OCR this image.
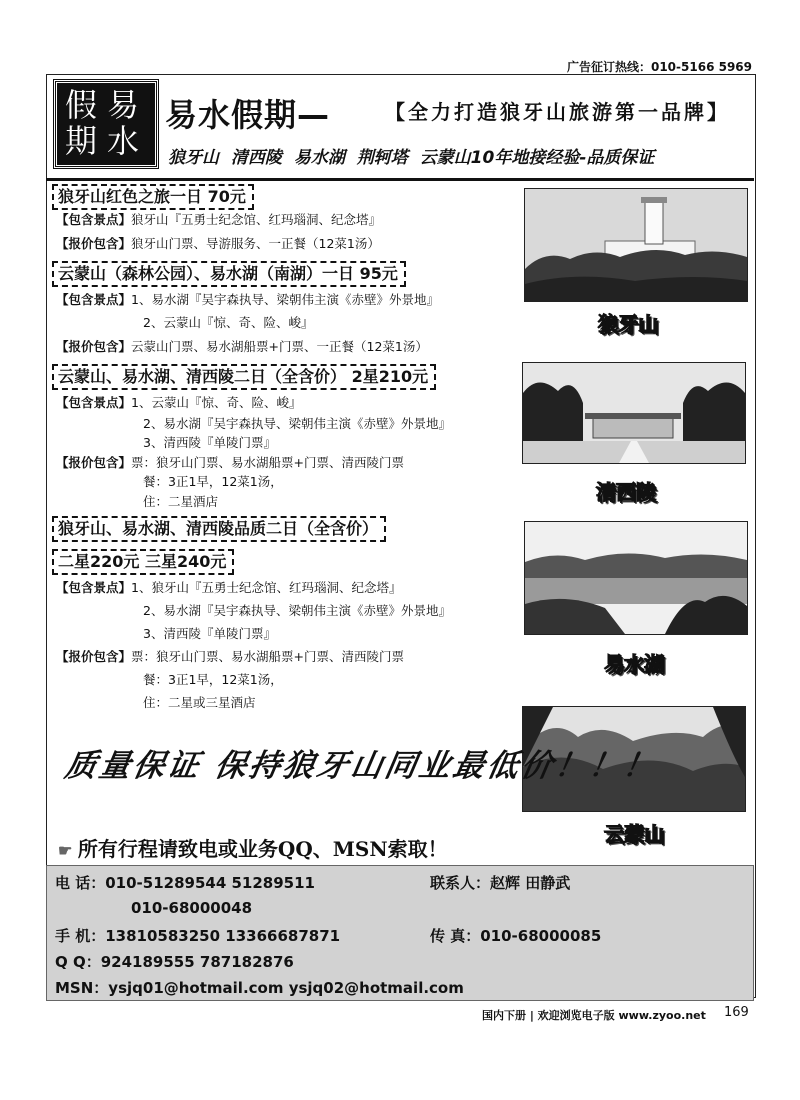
广告征订热线：010-5166 5969
假 易
期 水
易水假期—	【全力打造狼牙山旅游第一品牌】
狼牙山 清西陵 易水湖 荆轲塔 云蒙山10年地接经验-品质保证
狼牙山红色之旅一日 70元
【包含景点】狼牙山『五勇士纪念馆、红玛瑙洞、纪念塔』
【报价包含】狼牙山门票、导游服务、一正餐（12菜1汤）
云蒙山（森林公园）、易水湖（南湖）一日 95元
【包含景点】1、易水湖『吴宇森执导、梁朝伟主演《赤壁》外景地』
2、云蒙山『惊、奇、险、峻』
【报价包含】云蒙山门票、易水湖船票+门票、一正餐（12菜1汤）
云蒙山、易水湖、清西陵二日（全含价） 2星210元
【包含景点】1、云蒙山『惊、奇、险、峻』
2、易水湖『吴宇森执导、梁朝伟主演《赤壁》外景地』
3、清西陵『单陵门票』
【报价包含】票：狼牙山门票、易水湖船票+门票、清西陵门票
餐：3正1早，12菜1汤，
住：二星酒店
狼牙山、易水湖、清西陵品质二日（全含价）
二星220元 三星240元
【包含景点】1、狼牙山『五勇士纪念馆、红玛瑙洞、纪念塔』
2、易水湖『吴宇森执导、梁朝伟主演《赤壁》外景地』
3、清西陵『单陵门票』
【报价包含】票：狼牙山门票、易水湖船票+门票、清西陵门票
餐：3正1早，12菜1汤，
住：二星或三星酒店
狼牙山
清西陵
易水湖
云蒙山
质量保证 保持狼牙山同业最低价！！！
☛ 所有行程请致电或业务QQ、MSN索取！
电 话：010-51289544 51289511	联系人：赵辉 田静武
010-68000048
手 机：13810583250 13366687871	传 真：010-68000085
Q Q：924189555 787182876
MSN：ysjq01@hotmail.com ysjq02@hotmail.com
国内下册 | 欢迎浏览电子版 www.zyoo.net 169
